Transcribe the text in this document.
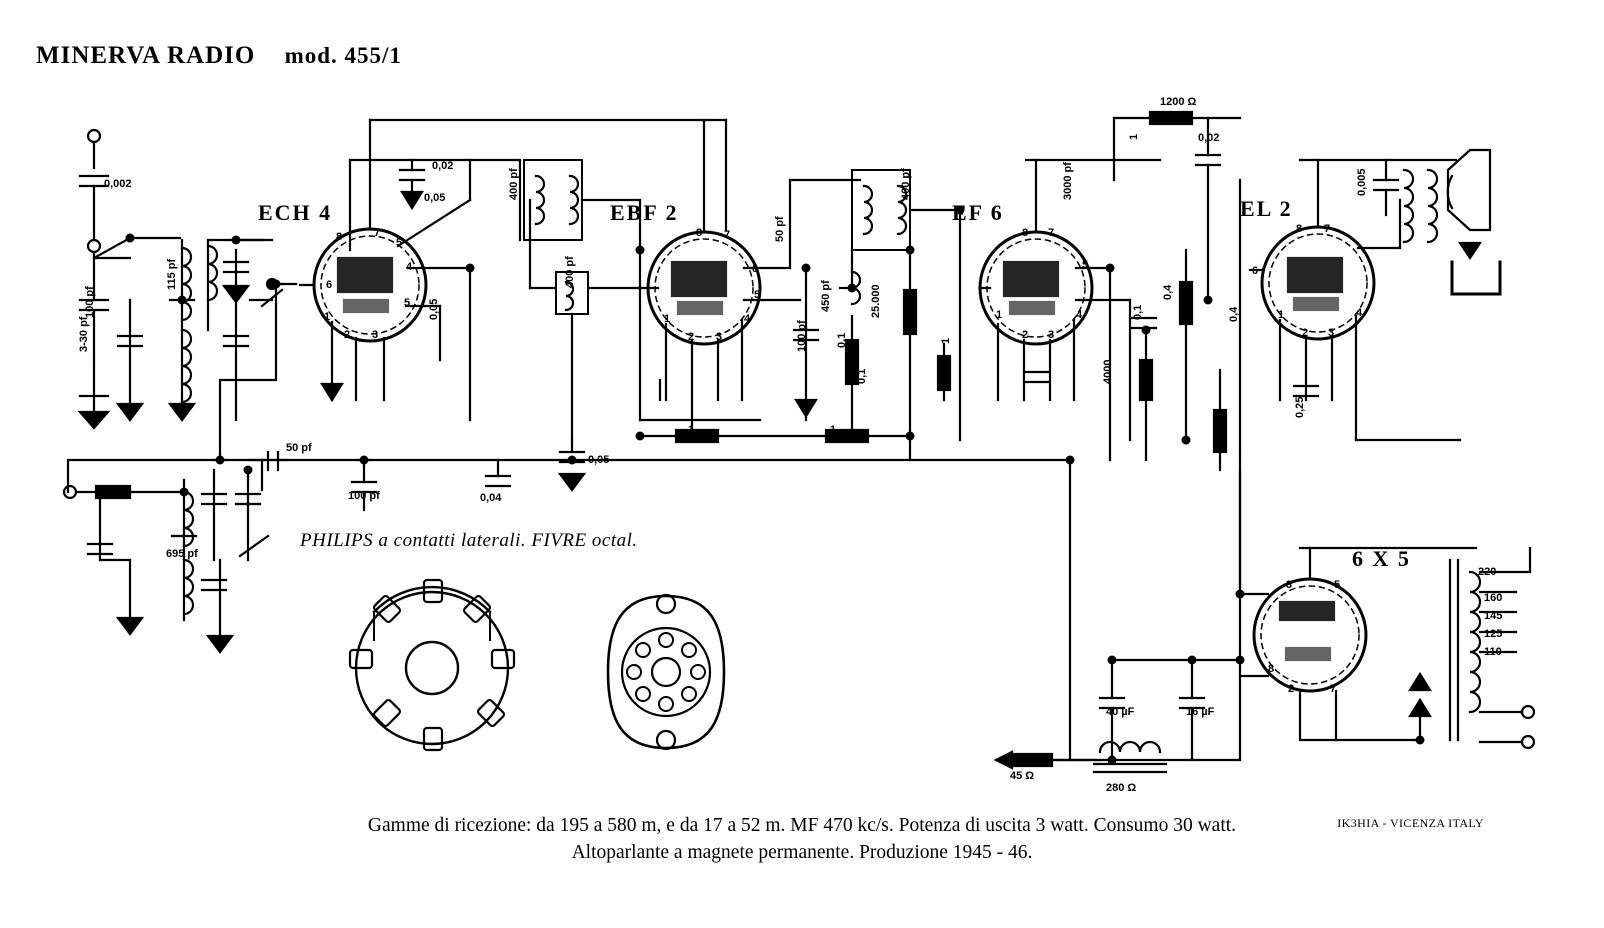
MINERVA RADIO mod. 455/1
8	7
5
4
6
5
1
2 3
8 7
6
5
4
1
2 3
8 7
5
4
1
2 3
8 7
6
4
1
2 3
3	5
8
2	7
ECH 4	EBF 2	EF 6	EL 2
6 X 5
0,002
100 pf
3-30 pf
115 pf
0,02
0,05	400 pf
0,05
50 pf
100 pf	0,04
0,05
400 pf
400 pf
50 pf
100 pf
450 pf
0,1
0,1
25.000 0,03
1	1
1
1
3000 pf
1200 Ω
0,02
0,005
0,1
0,4
4000 0,25
0,4
0,3
0,25
40 µF	16 µF
45 Ω
280 Ω
695 pf
50 Ω
220
160
145
125
110
PHILIPS a contatti laterali. FIVRE octal.
Gamme di ricezione: da 195 a 580 m, e da 17 a 52 m. MF 470 kc/s. Potenza di uscita 3 watt. Consumo 30 watt.
Altoparlante a magnete permanente. Produzione 1945 - 46.
IK3HIA - VICENZA ITALY
